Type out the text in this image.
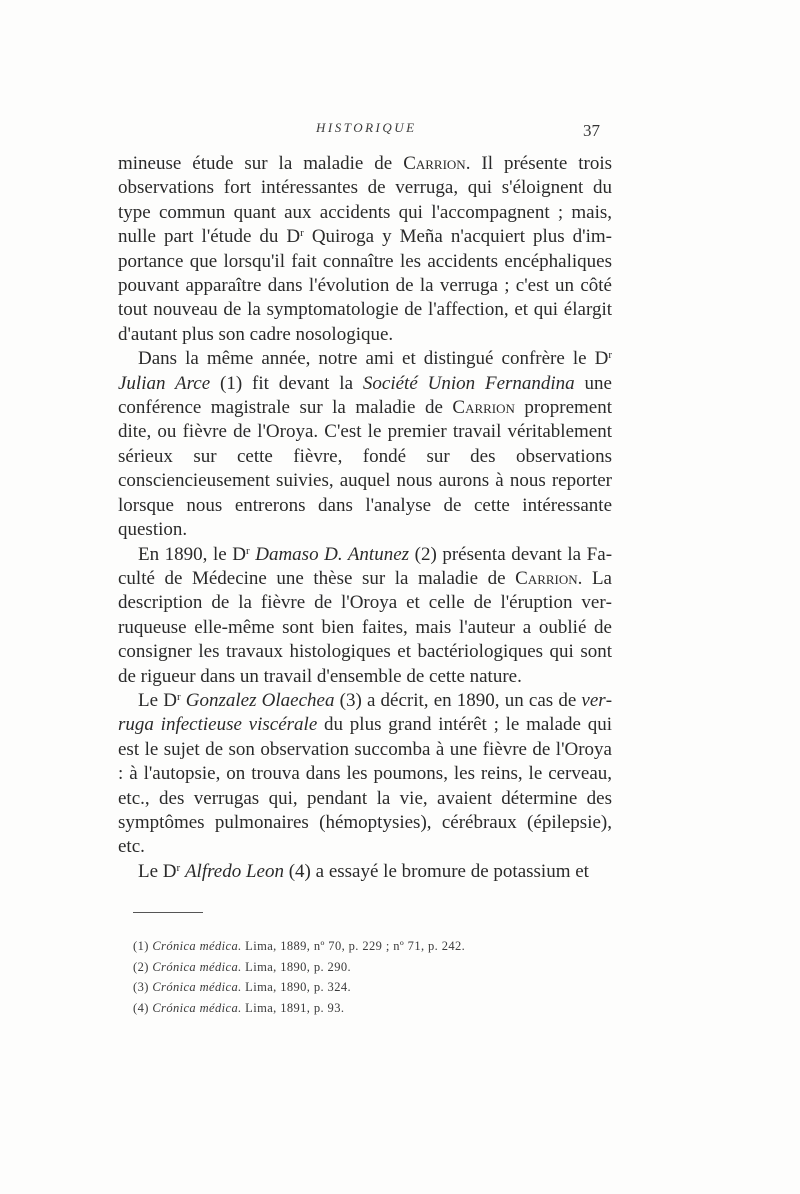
HISTORIQUE	37

mineuse étude sur la maladie de Carrion. Il présente trois observations fort intéressantes de verruga, qui s'éloignent du type commun quant aux accidents qui l'accompagnent ; mais, nulle part l'étude du $D^r$ Quiroga y Meña n'acquiert plus d'importance que lorsqu'il fait connaître les accidents encéphaliques pouvant apparaître dans l'évolution de la verruga ; c'est un côté tout nouveau de la symptomatologie de l'affection, et qui élargit d'autant plus son cadre nosologique.

Dans la même année, notre ami et distingué confrère le $D^r$ Julian Arce (1) fit devant la Société Union Fernandina une conférence magistrale sur la maladie de Carrion proprement dite, ou fièvre de l'Oroya. C'est le premier travail véritablement sérieux sur cette fièvre, fondé sur des observations consciencieusement suivies, auquel nous aurons à nous reporter lorsque nous entrerons dans l'analyse de cette intéressante question.

En 1890, le $D^r$ Damaso D. Antunez (2) présenta devant la Faculté de Médecine une thèse sur la maladie de Carrion. La description de la fièvre de l'Oroya et celle de l'éruption verruqueuse elle-même sont bien faites, mais l'auteur a oublié de consigner les travaux histologiques et bactériologiques qui sont de rigueur dans un travail d'ensemble de cette nature.

Le $D^r$ Gonzalez Olaechea (3) a décrit, en 1890, un cas de verruga infectieuse viscérale du plus grand intérêt ; le malade qui est le sujet de son observation succomba à une fièvre de l'Oroya : à l'autopsie, on trouva dans les poumons, les reins, le cerveau, etc., des verrugas qui, pendant la vie, avaient détermine des symptômes pulmonaires (hémoptysies), cérébraux (épilepsie), etc.

Le $D^r$ Alfredo Leon (4) a essayé le bromure de potassium et

(1) Crónica médica. Lima, 1889, nº 70, p. 229 ; nº 71, p. 242.
(2) Crónica médica. Lima, 1890, p. 290.
(3) Crónica médica. Lima, 1890, p. 324.
(4) Crónica médica. Lima, 1891, p. 93.
